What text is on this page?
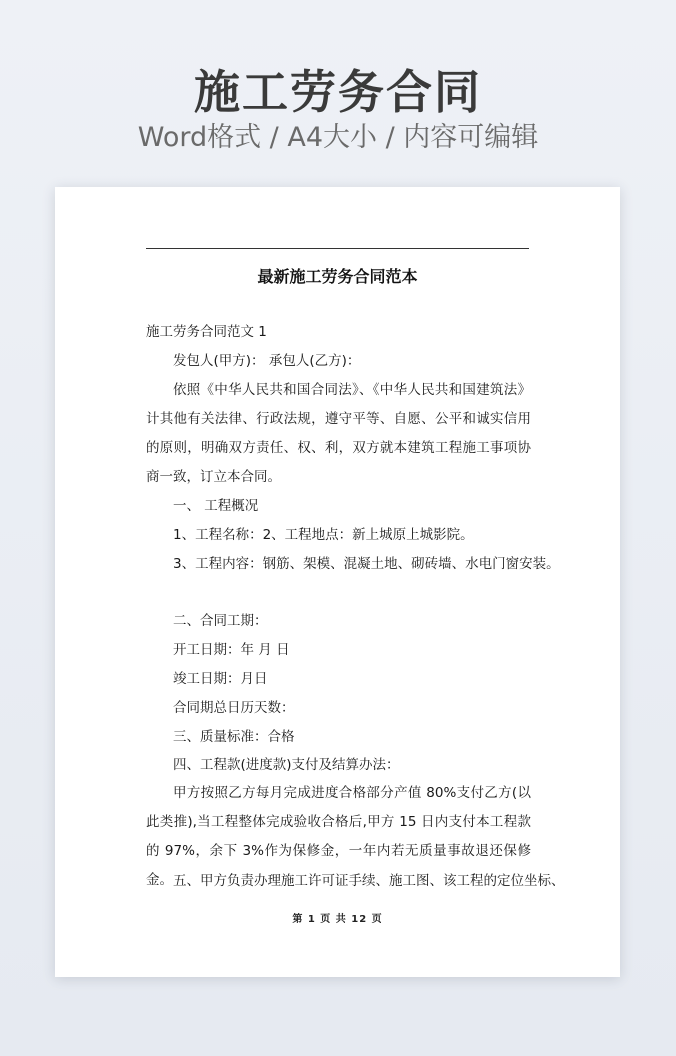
施工劳务合同
Word格式 / A4大小 / 内容可编辑
最新施工劳务合同范本
施工劳务合同范文 1
发包人(甲方)： 承包人(乙方)：
依照《中华人民共和国合同法》、《中华人民共和国建筑法》计其他有关法律、行政法规，遵守平等、自愿、公平和诚实信用的原则，明确双方责任、权、利，双方就本建筑工程施工事项协商一致，订立本合同。
一、 工程概况
1、工程名称：2、工程地点：新上城原上城影院。
3、工程内容：钢筋、架模、混凝土地、砌砖墙、水电门窗安装。
二、合同工期：
开工日期：年 月 日
竣工日期：月日
合同期总日历天数：
三、质量标准：合格
四、工程款(进度款)支付及结算办法：
甲方按照乙方每月完成进度合格部分产值 80%支付乙方(以此类推),当工程整体完成验收合格后,甲方 15 日内支付本工程款的 97%，余下 3%作为保修金，一年内若无质量事故退还保修金。 五、甲方负责办理施工许可证手续、施工图、该工程的定位坐标、
第 1 页 共 12 页
